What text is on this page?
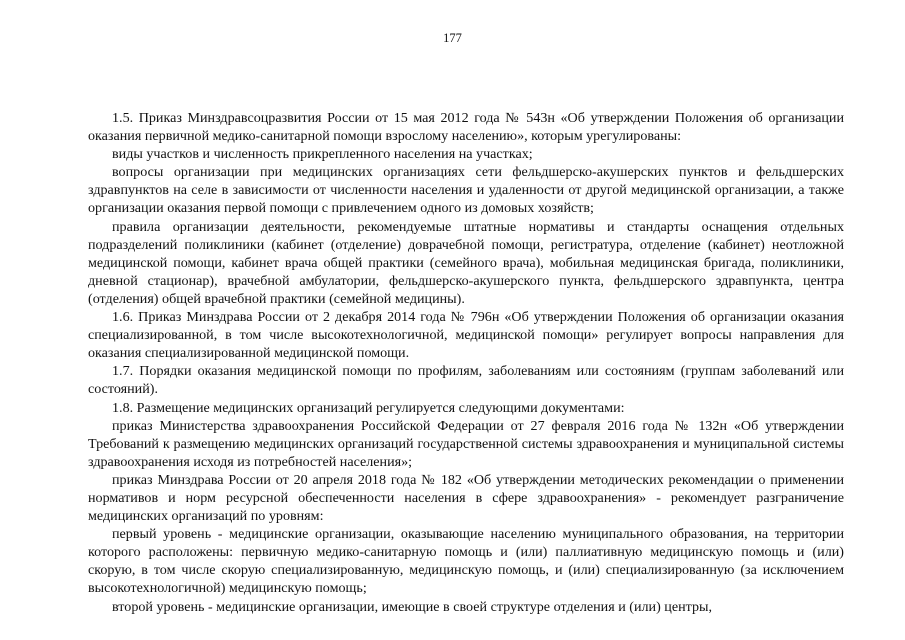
177

1.5. Приказ Минздравсоцразвития России от 15 мая 2012 года № 543н «Об утверждении Положения об организации оказания первичной медико-санитарной помощи взрослому населению», которым урегулированы:

виды участков и численность прикрепленного населения на участках;

вопросы организации при медицинских организациях сети фельдшерско-акушерских пунктов и фельдшерских здравпунктов на селе в зависимости от численности населения и удаленности от другой медицинской организации, а также организации оказания первой помощи с привлечением одного из домовых хозяйств;

правила организации деятельности, рекомендуемые штатные нормативы и стандарты оснащения отдельных подразделений поликлиники (кабинет (отделение) доврачебной помощи, регистратура, отделение (кабинет) неотложной медицинской помощи, кабинет врача общей практики (семейного врача), мобильная медицинская бригада, поликлиники, дневной стационар), врачебной амбулатории, фельдшерско-акушерского пункта, фельдшерского здравпункта, центра (отделения) общей врачебной практики (семейной медицины).

1.6. Приказ Минздрава России от 2 декабря 2014 года № 796н «Об утверждении Положения об организации оказания специализированной, в том числе высокотехнологичной, медицинской помощи» регулирует вопросы направления для оказания специализированной медицинской помощи.

1.7. Порядки оказания медицинской помощи по профилям, заболеваниям или состояниям (группам заболеваний или состояний).

1.8. Размещение медицинских организаций регулируется следующими документами:

приказ Министерства здравоохранения Российской Федерации от 27 февраля 2016 года № 132н «Об утверждении Требований к размещению медицинских организаций государственной системы здравоохранения и муниципальной системы здравоохранения исходя из потребностей населения»;

приказ Минздрава России от 20 апреля 2018 года № 182 «Об утверждении методических рекомендации о применении нормативов и норм ресурсной обеспеченности населения в сфере здравоохранения» - рекомендует разграничение медицинских организаций по уровням:

первый уровень - медицинские организации, оказывающие населению муниципального образования, на территории которого расположены: первичную медико-санитарную помощь и (или) паллиативную медицинскую помощь и (или) скорую, в том числе скорую специализированную, медицинскую помощь, и (или) специализированную (за исключением высокотехнологичной) медицинскую помощь;

второй уровень - медицинские организации, имеющие в своей структуре отделения и (или) центры,
